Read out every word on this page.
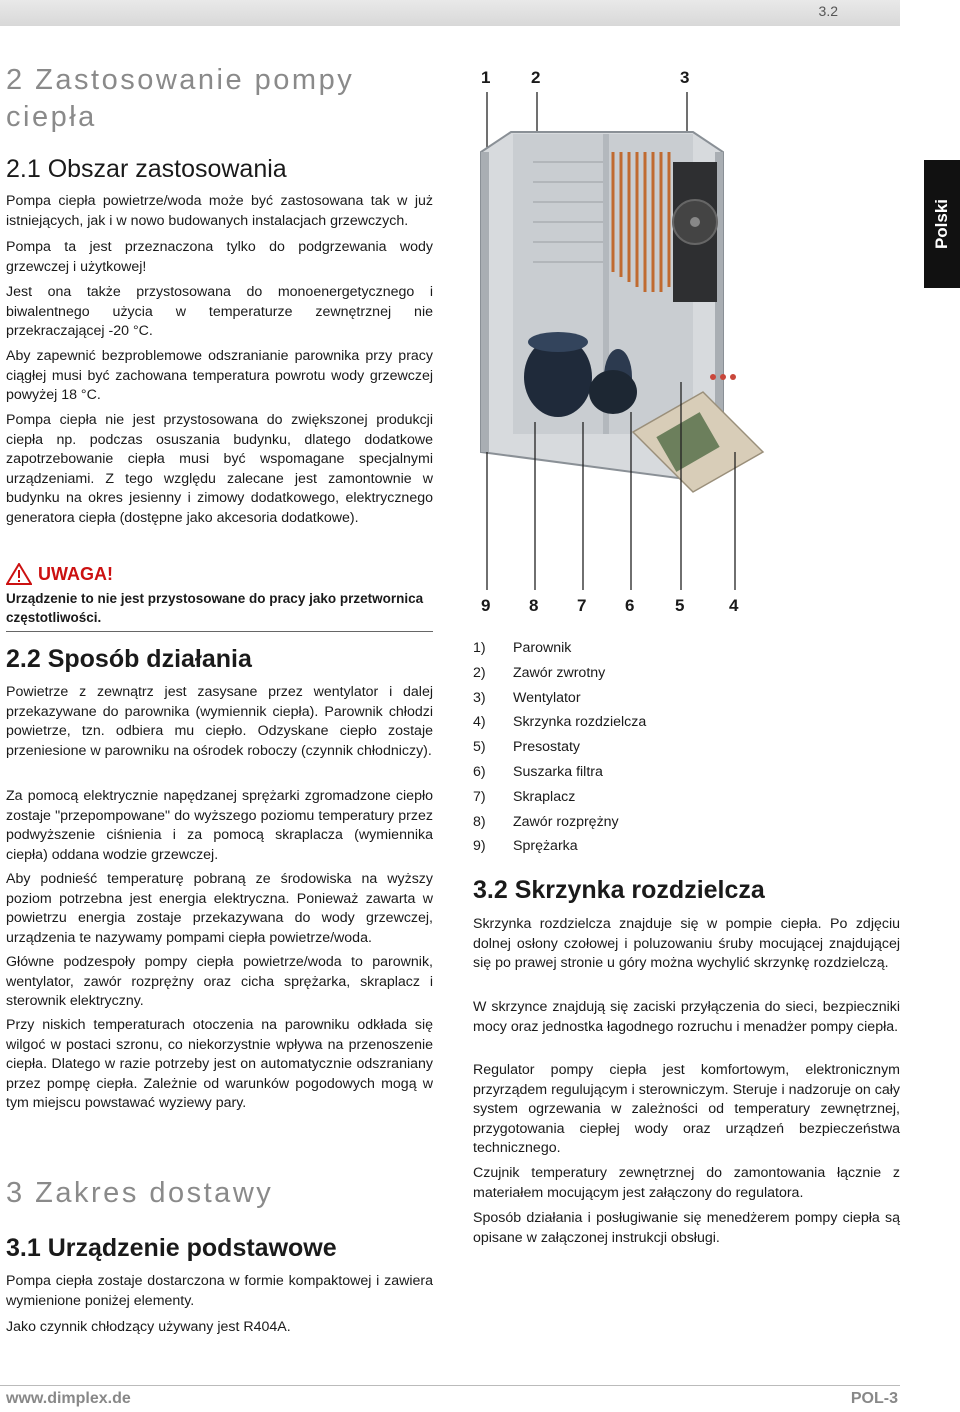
3.2
Polski
2 Zastosowanie pompy
ciepła
2.1 Obszar zastosowania
Pompa ciepła powietrze/woda może być zastosowana tak w już istniejących, jak i w nowo budowanych instalacjach grzewczych.
Pompa ta jest przeznaczona tylko do podgrzewania wody grzewczej i użytkowej!
Jest ona także przystosowana do monoenergetycznego i biwalentnego użycia w temperaturze zewnętrznej nie przekraczającej -20 °C.
Aby zapewnić bezproblemowe odszranianie parownika przy pracy ciągłej musi być zachowana temperatura powrotu wody grzewczej powyżej 18 °C.
Pompa ciepła nie jest przystosowana do zwiększonej produkcji ciepła np. podczas osuszania budynku, dlatego dodatkowe zapotrzebowanie ciepła musi być wspomagane specjalnymi urządzeniami. Z tego względu zalecane jest zamontownie w budynku na okres jesienny i zimowy dodatkowego, elektrycznego generatora ciepła (dostępne jako akcesoria dodatkowe).
UWAGA!
Urządzenie to nie jest przystosowane do pracy jako przetwornica częstotliwości.
2.2 Sposób działania
Powietrze z zewnątrz jest zasysane przez wentylator i dalej przekazywane do parownika (wymiennik ciepła). Parownik chłodzi powietrze, tzn. odbiera mu ciepło. Odzyskane ciepło zostaje przeniesione w parowniku na ośrodek roboczy (czynnik chłodniczy).
Za pomocą elektrycznie napędzanej sprężarki zgromadzone ciepło zostaje "przepompowane" do wyższego poziomu temperatury przez podwyższenie ciśnienia i za pomocą skraplacza (wymiennika ciepła) oddana wodzie grzewczej.
Aby podnieść temperaturę pobraną ze środowiska na wyższy poziom potrzebna jest energia elektryczna. Ponieważ zawarta w powietrzu energia zostaje przekazywana do wody grzewczej, urządzenia te nazywamy pompami ciepła powietrze/woda.
Główne podzespoły pompy ciepła powietrze/woda to parownik, wentylator, zawór rozprężny oraz cicha sprężarka, skraplacz i sterownik elektryczny.
Przy niskich temperaturach otoczenia na parowniku odkłada się wilgoć w postaci szronu, co niekorzystnie wpływa na przenoszenie ciepła. Dlatego w razie potrzeby jest on automatycznie odszraniany przez pompę ciepła. Zależnie od warunków pogodowych mogą w tym miejscu powstawać wyziewy pary.
3 Zakres dostawy
3.1 Urządzenie podstawowe
Pompa ciepła zostaje dostarczona w formie kompaktowej i zawiera wymienione poniżej elementy.
Jako czynnik chłodzący używany jest R404A.
1 2	3
9 8 7 6 5	4
1)	Parownik
2)	Zawór zwrotny
3)	Wentylator
4)	Skrzynka rozdzielcza
5)	Presostaty
6)	Suszarka filtra
7)	Skraplacz
8)	Zawór rozprężny
9)	Sprężarka
3.2 Skrzynka rozdzielcza
Skrzynka rozdzielcza znajduje się w pompie ciepła. Po zdjęciu dolnej osłony czołowej i poluzowaniu śruby mocującej znajdującej się po prawej stronie u góry można wychylić skrzynkę rozdzielczą.
W skrzynce znajdują się zaciski przyłączenia do sieci, bezpieczniki mocy oraz jednostka łagodnego rozruchu i menadżer pompy ciepła.
Regulator pompy ciepła jest komfortowym, elektronicznym przyrządem regulującym i sterowniczym. Steruje i nadzoruje on cały system ogrzewania w zależności od temperatury zewnętrznej, przygotowania ciepłej wody oraz urządzeń bezpieczeństwa technicznego.
Czujnik temperatury zewnętrznej do zamontowania łącznie z materiałem mocującym jest załączony do regulatora.
Sposób działania i posługiwanie się menedżerem pompy ciepła są opisane w załączonej instrukcji obsługi.
www.dimplex.de	POL-3
